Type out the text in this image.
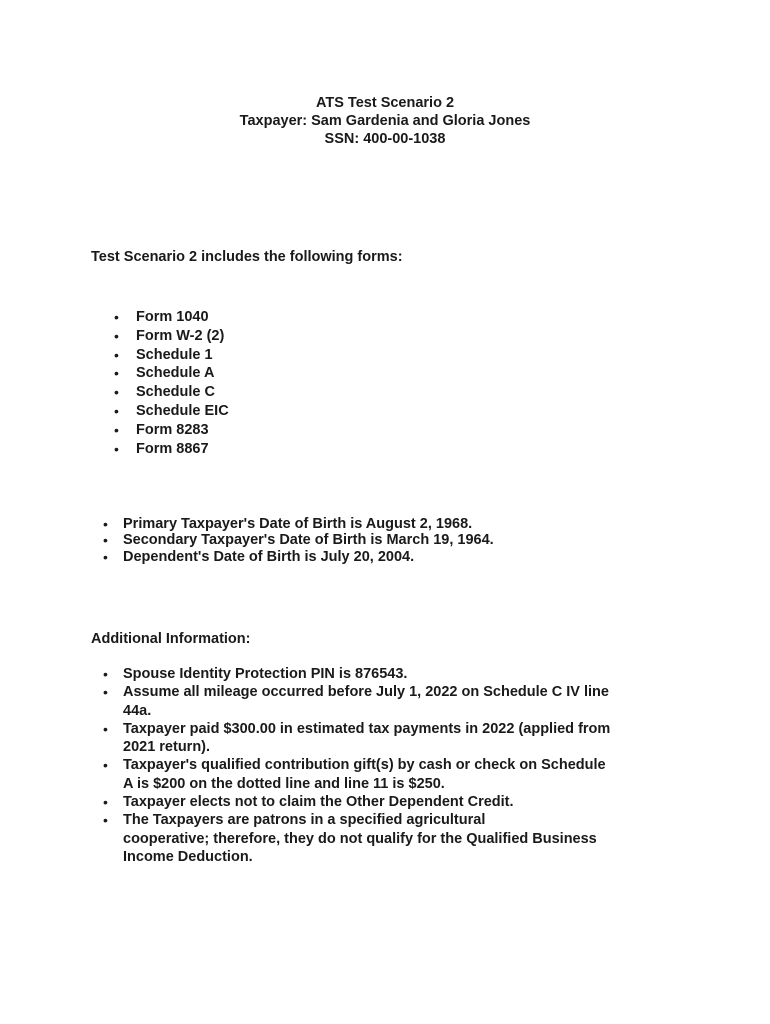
ATS Test Scenario 2
Taxpayer: Sam Gardenia and Gloria Jones
SSN: 400-00-1038
Test Scenario 2 includes the following forms:
• Form 1040
• Form W-2 (2)
• Schedule 1
• Schedule A
• Schedule C
• Schedule EIC
• Form 8283
• Form 8867
• Primary Taxpayer's Date of Birth is August 2, 1968.
• Secondary Taxpayer's Date of Birth is March 19, 1964.
• Dependent's Date of Birth is July 20, 2004.
Additional Information:
• Spouse Identity Protection PIN is 876543.
• Assume all mileage occurred before July 1, 2022 on Schedule C IV line
44a.
• Taxpayer paid $300.00 in estimated tax payments in 2022 (applied from
2021 return).
• Taxpayer's qualified contribution gift(s) by cash or check on Schedule
A is $200 on the dotted line and line 11 is $250.
• Taxpayer elects not to claim the Other Dependent Credit.
• The Taxpayers are patrons in a specified agricultural
cooperative; therefore, they do not qualify for the Qualified Business
Income Deduction.
